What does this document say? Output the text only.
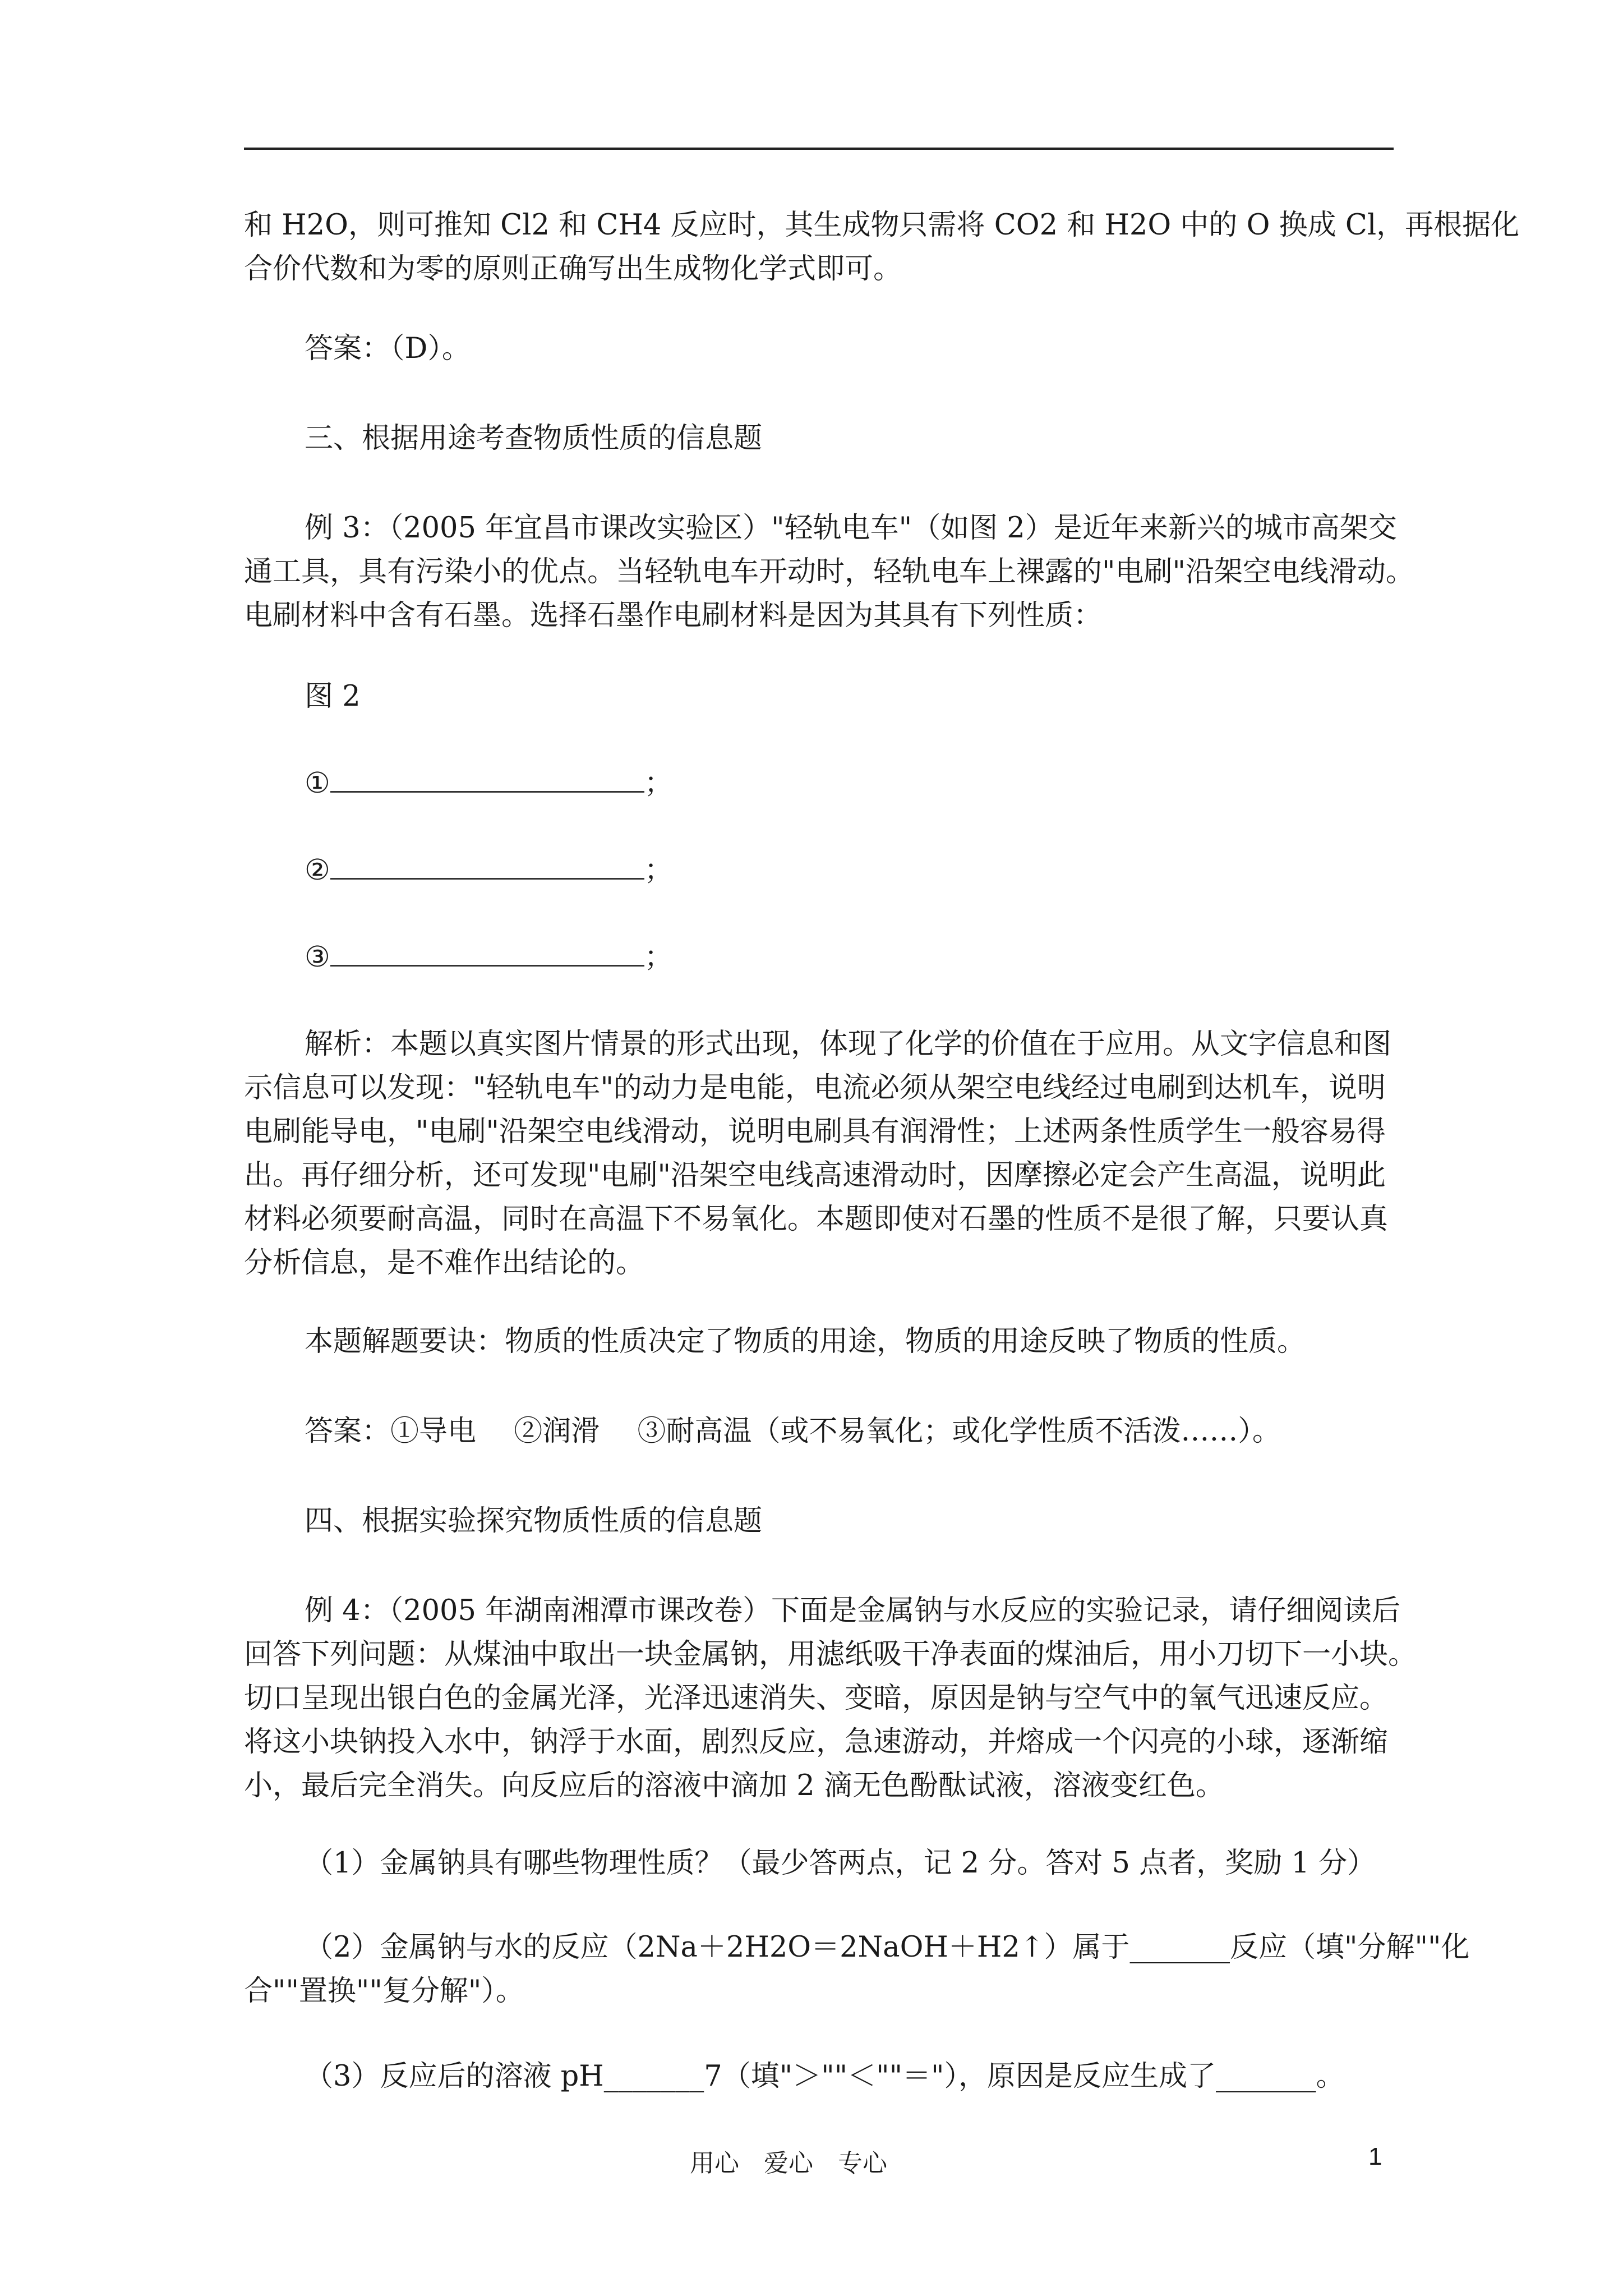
和 H2O，则可推知 Cl2 和 CH4 反应时，其生成物只需将 CO2 和 H2O 中的 O 换成 Cl，再根据化
合价代数和为零的原则正确写出生成物化学式即可。
答案：（D）。
三、根据用途考查物质性质的信息题
例 3：（2005 年宜昌市课改实验区）"轻轨电车"（如图 2）是近年来新兴的城市高架交
通工具，具有污染小的优点。当轻轨电车开动时，轻轨电车上裸露的"电刷"沿架空电线滑动。
电刷材料中含有石墨。选择石墨作电刷材料是因为其具有下列性质：
图 2
①	；
②	；
③	；
解析：本题以真实图片情景的形式出现，体现了化学的价值在于应用。从文字信息和图
示信息可以发现："轻轨电车"的动力是电能，电流必须从架空电线经过电刷到达机车，说明
电刷能导电，"电刷"沿架空电线滑动，说明电刷具有润滑性；上述两条性质学生一般容易得
出。再仔细分析，还可发现"电刷"沿架空电线高速滑动时，因摩擦必定会产生高温，说明此
材料必须要耐高温，同时在高温下不易氧化。本题即使对石墨的性质不是很了解，只要认真
分析信息，是不难作出结论的。
本题解题要诀：物质的性质决定了物质的用途，物质的用途反映了物质的性质。
答案：①导电　 ②润滑　 ③耐高温（或不易氧化；或化学性质不活泼……）。
四、根据实验探究物质性质的信息题
例 4：（2005 年湖南湘潭市课改卷）下面是金属钠与水反应的实验记录，请仔细阅读后
回答下列问题：从煤油中取出一块金属钠，用滤纸吸干净表面的煤油后，用小刀切下一小块。
切口呈现出银白色的金属光泽，光泽迅速消失、变暗，原因是钠与空气中的氧气迅速反应。
将这小块钠投入水中，钠浮于水面，剧烈反应，急速游动，并熔成一个闪亮的小球，逐渐缩
小，最后完全消失。向反应后的溶液中滴加 2 滴无色酚酞试液，溶液变红色。
（1）金属钠具有哪些物理性质？（最少答两点，记 2 分。答对 5 点者，奖励 1 分）
（2）金属钠与水的反应（2Na＋2H2O＝2NaOH＋H2↑）属于_______反应（填"分解""化
合""置换""复分解"）。
（3）反应后的溶液 pH_______7（填"＞""＜""＝"），原因是反应生成了_______。
用心　爱心　专心	1
